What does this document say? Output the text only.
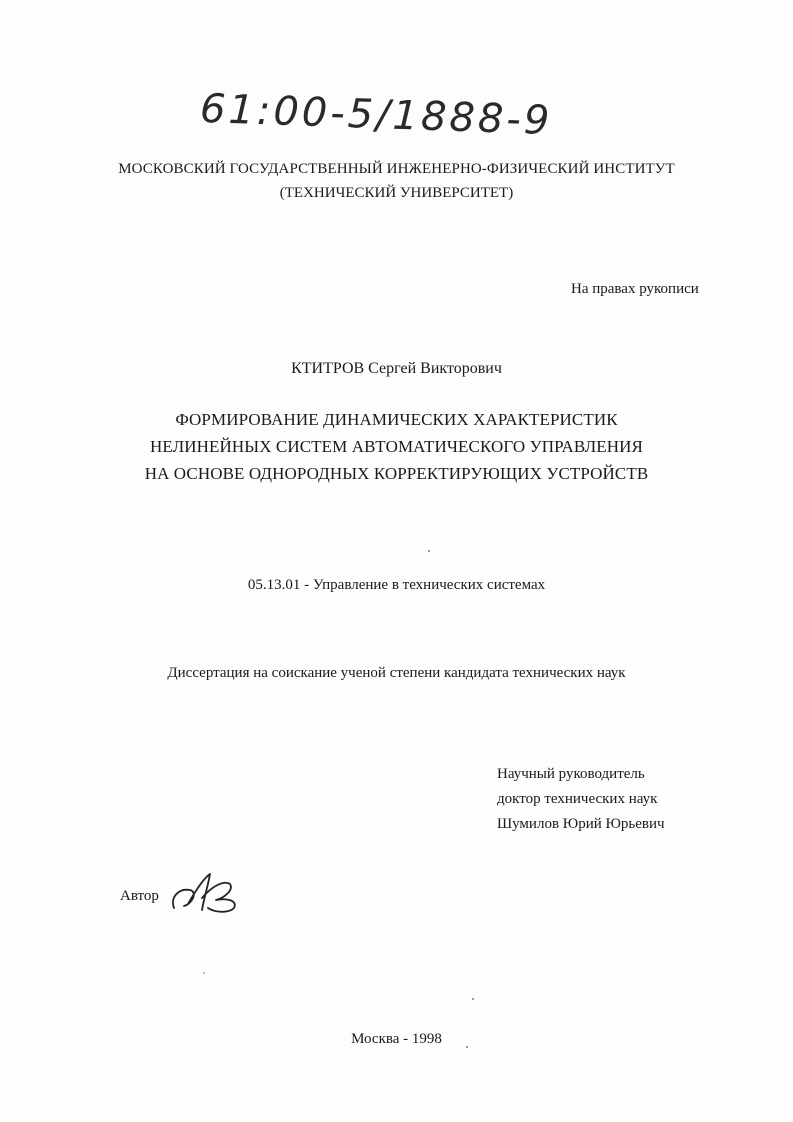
61:00-5/1888-9
МОСКОВСКИЙ ГОСУДАРСТВЕННЫЙ ИНЖЕНЕРНО-ФИЗИЧЕСКИЙ ИНСТИТУТ
(ТЕХНИЧЕСКИЙ УНИВЕРСИТЕТ)
На правах рукописи
КТИТРОВ Сергей Викторович
ФОРМИРОВАНИЕ ДИНАМИЧЕСКИХ ХАРАКТЕРИСТИК
НЕЛИНЕЙНЫХ СИСТЕМ АВТОМАТИЧЕСКОГО УПРАВЛЕНИЯ
НА ОСНОВЕ ОДНОРОДНЫХ КОРРЕКТИРУЮЩИХ УСТРОЙСТВ
05.13.01 - Управление в технических системах
Диссертация на соискание ученой степени кандидата технических наук
Научный руководитель
доктор технических наук
Шумилов Юрий Юрьевич
Автор
Москва - 1998
